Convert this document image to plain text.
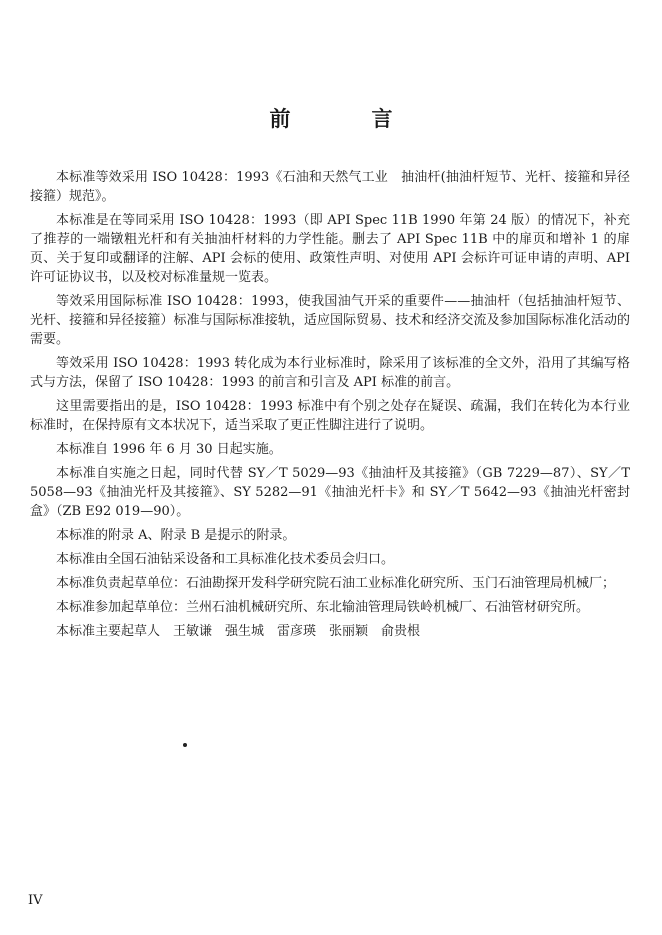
前　言

本标准等效采用 ISO 10428：1993《石油和天然气工业　抽油杆(抽油杆短节、光杆、接箍和异径接箍）规范》。

本标准是在等同采用 ISO 10428：1993（即 API Spec 11B 1990 年第 24 版）的情况下，补充了推荐的一端镦粗光杆和有关抽油杆材料的力学性能。删去了 API Spec 11B 中的扉页和增补 1 的扉页、关于复印或翻译的注解、API 会标的使用、政策性声明、对使用 API 会标许可证申请的声明、API 许可证协议书，以及校对标准量规一览表。

等效采用国际标准 ISO 10428：1993，使我国油气开采的重要件——抽油杆（包括抽油杆短节、光杆、接箍和异径接箍）标准与国际标准接轨，适应国际贸易、技术和经济交流及参加国际标准化活动的需要。

等效采用 ISO 10428：1993 转化成为本行业标准时，除采用了该标准的全文外，沿用了其编写格式与方法，保留了 ISO 10428：1993 的前言和引言及 API 标准的前言。

这里需要指出的是，ISO 10428：1993 标准中有个别之处存在疑误、疏漏，我们在转化为本行业标准时，在保持原有文本状况下，适当采取了更正性脚注进行了说明。

本标准自 1996 年 6 月 30 日起实施。

本标准自实施之日起，同时代替 SY／T 5029—93《抽油杆及其接箍》（GB 7229—87）、SY／T 5058—93《抽油光杆及其接箍》、SY 5282—91《抽油光杆卡》和 SY／T 5642—93《抽油光杆密封盒》（ZB E92 019—90）。

本标准的附录 A、附录 B 是提示的附录。

本标准由全国石油钻采设备和工具标准化技术委员会归口。

本标准负责起草单位：石油勘探开发科学研究院石油工业标准化研究所、玉门石油管理局机械厂；

本标准参加起草单位：兰州石油机械研究所、东北输油管理局铁岭机械厂、石油管材研究所。

本标准主要起草人　王敏谦　强生城　雷彦瑛　张丽颖　俞贵根

IV
